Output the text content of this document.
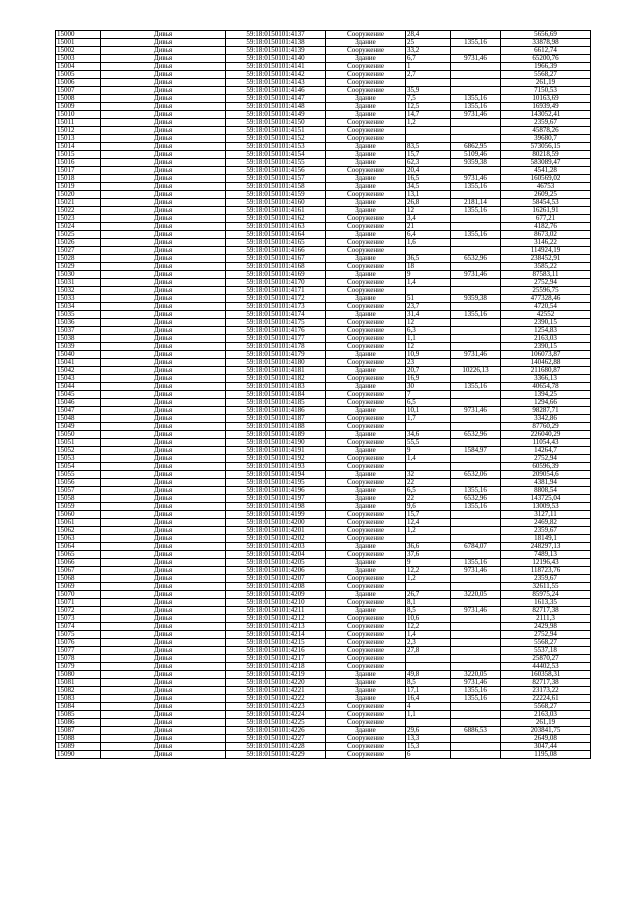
15000	Дивья	59:18:0150101:4137	Сооружение	28,4		5656,69
15001	Дивья	59:18:0150101:4138	Здание	25	1355,16	33878,98
15002	Дивья	59:18:0150101:4139	Сооружение	33,2		6612,74
15003	Дивья	59:18:0150101:4140	Здание	6,7	9731,46	65200,76
15004	Дивья	59:18:0150101:4141	Сооружение	1		1966,39
15005	Дивья	59:18:0150101:4142	Сооружение	2,7		5568,27
15006	Дивья	59:18:0150101:4143	Сооружение			261,19
15007	Дивья	59:18:0150101:4146	Сооружение	35,9		7150,53
15008	Дивья	59:18:0150101:4147	Здание	7,5	1355,16	10163,69
15009	Дивья	59:18:0150101:4148	Здание	12,5	1355,16	16939,49
15010	Дивья	59:18:0150101:4149	Здание	14,7	9731,46	143052,41
15011	Дивья	59:18:0150101:4150	Сооружение	1,2		2359,67
15012	Дивья	59:18:0150101:4151	Сооружение			45878,26
15013	Дивья	59:18:0150101:4152	Сооружение			39680,7
15014	Дивья	59:18:0150101:4153	Здание	83,5	6862,95	573056,15
15015	Дивья	59:18:0150101:4154	Здание	15,7	5109,46	80218,59
15016	Дивья	59:18:0150101:4155	Здание	62,3	9359,38	583089,47
15017	Дивья	59:18:0150101:4156	Сооружение	20,4		4541,28
15018	Дивья	59:18:0150101:4157	Здание	16,5	9731,46	160569,02
15019	Дивья	59:18:0150101:4158	Здание	34,5	1355,16	46753
15020	Дивья	59:18:0150101:4159	Сооружение	13,1		2609,25
15021	Дивья	59:18:0150101:4160	Здание	26,8	2181,14	58454,53
15022	Дивья	59:18:0150101:4161	Здание	12	1355,16	16261,91
15023	Дивья	59:18:0150101:4162	Сооружение	3,4		677,21
15024	Дивья	59:18:0150101:4163	Сооружение	21		4182,76
15025	Дивья	59:18:0150101:4164	Здание	6,4	1355,16	8673,02
15026	Дивья	59:18:0150101:4165	Сооружение	1,6		3146,22
15027	Дивья	59:18:0150101:4166	Сооружение			114924,19
15028	Дивья	59:18:0150101:4167	Здание	36,5	6532,96	238452,91
15029	Дивья	59:18:0150101:4168	Сооружение	18		3585,22
15030	Дивья	59:18:0150101:4169	Здание	9	9731,46	87583,11
15031	Дивья	59:18:0150101:4170	Сооружение	1,4		2752,94
15032	Дивья	59:18:0150101:4171	Сооружение			25596,75
15033	Дивья	59:18:0150101:4172	Здание	51	9359,38	477328,46
15034	Дивья	59:18:0150101:4173	Сооружение	23,7		4720,54
15035	Дивья	59:18:0150101:4174	Здание	31,4	1355,16	42552
15036	Дивья	59:18:0150101:4175	Сооружение	12		2390,15
15037	Дивья	59:18:0150101:4176	Сооружение	6,3		1254,83
15038	Дивья	59:18:0150101:4177	Сооружение	1,1		2163,03
15039	Дивья	59:18:0150101:4178	Сооружение	12		2390,15
15040	Дивья	59:18:0150101:4179	Здание	10,9	9731,46	106073,87
15041	Дивья	59:18:0150101:4180	Сооружение	23		140462,88
15042	Дивья	59:18:0150101:4181	Здание	20,7	10226,13	211680,87
15043	Дивья	59:18:0150101:4182	Сооружение	16,9		3366,13
15044	Дивья	59:18:0150101:4183	Здание	30	1355,16	40654,78
15045	Дивья	59:18:0150101:4184	Сооружение	7		1394,25
15046	Дивья	59:18:0150101:4185	Сооружение	6,5		1294,66
15047	Дивья	59:18:0150101:4186	Здание	10,1	9731,46	98287,71
15048	Дивья	59:18:0150101:4187	Сооружение	1,7		3342,86
15049	Дивья	59:18:0150101:4188	Сооружение			87760,29
15050	Дивья	59:18:0150101:4189	Здание	34,6	6532,96	226040,29
15051	Дивья	59:18:0150101:4190	Сооружение	55,5		11054,43
15052	Дивья	59:18:0150101:4191	Здание	9	1584,97	14264,7
15053	Дивья	59:18:0150101:4192	Сооружение	1,4		2752,94
15054	Дивья	59:18:0150101:4193	Сооружение			60596,39
15055	Дивья	59:18:0150101:4194	Здание	32	6532,06	209054,6
15056	Дивья	59:18:0150101:4195	Сооружение	22		4381,94
15057	Дивья	59:18:0150101:4196	Здание	6,5	1355,16	8808,54
15058	Дивья	59:18:0150101:4197	Здание	22	6532,96	143725,04
15059	Дивья	59:18:0150101:4198	Здание	9,6	1355,16	13009,53
15060	Дивья	59:18:0150101:4199	Сооружение	15,7		3127,11
15061	Дивья	59:18:0150101:4200	Сооружение	12,4		2469,82
15062	Дивья	59:18:0150101:4201	Сооружение	1,2		2359,67
15063	Дивья	59:18:0150101:4202	Сооружение			18149,1
15064	Дивья	59:18:0150101:4203	Здание	36,6	6784,07	248297,13
15065	Дивья	59:18:0150101:4204	Сооружение	37,6		7489,13
15066	Дивья	59:18:0150101:4205	Здание	9	1355,16	12196,43
15067	Дивья	59:18:0150101:4206	Здание	12,2	9731,46	118723,76
15068	Дивья	59:18:0150101:4207	Сооружение	1,2		2359,67
15069	Дивья	59:18:0150101:4208	Сооружение			32611,55
15070	Дивья	59:18:0150101:4209	Здание	26,7	3220,05	85975,24
15071	Дивья	59:18:0150101:4210	Сооружение	8,1		1613,35
15072	Дивья	59:18:0150101:4211	Здание	8,5	9731,46	82717,38
15073	Дивья	59:18:0150101:4212	Сооружение	10,6		2111,3
15074	Дивья	59:18:0150101:4213	Сооружение	12,2		2429,98
15075	Дивья	59:18:0150101:4214	Сооружение	1,4		2752,94
15076	Дивья	59:18:0150101:4215	Сооружение	2,3		5568,27
15077	Дивья	59:18:0150101:4216	Сооружение	27,8		5537,18
15078	Дивья	59:18:0150101:4217	Сооружение			25870,27
15079	Дивья	59:18:0150101:4218	Сооружение			44402,53
15080	Дивья	59:18:0150101:4219	Здание	49,8	3220,05	160358,31
15081	Дивья	59:18:0150101:4220	Здание	8,5	9731,46	82717,38
15082	Дивья	59:18:0150101:4221	Здание	17,1	1355,16	23173,22
15083	Дивья	59:18:0150101:4222	Здание	16,4	1355,16	22224,61
15084	Дивья	59:18:0150101:4223	Сооружение	4		5568,27
15085	Дивья	59:18:0150101:4224	Сооружение	1,1		2163,03
15086	Дивья	59:18:0150101:4225	Сооружение			261,19
15087	Дивья	59:18:0150101:4226	Здание	29,6	6886,53	203841,75
15088	Дивья	59:18:0150101:4227	Сооружение	13,3		2649,08
15089	Дивья	59:18:0150101:4228	Сооружение	15,3		3047,44
15090	Дивья	59:18:0150101:4229	Сооружение	6		1195,08
